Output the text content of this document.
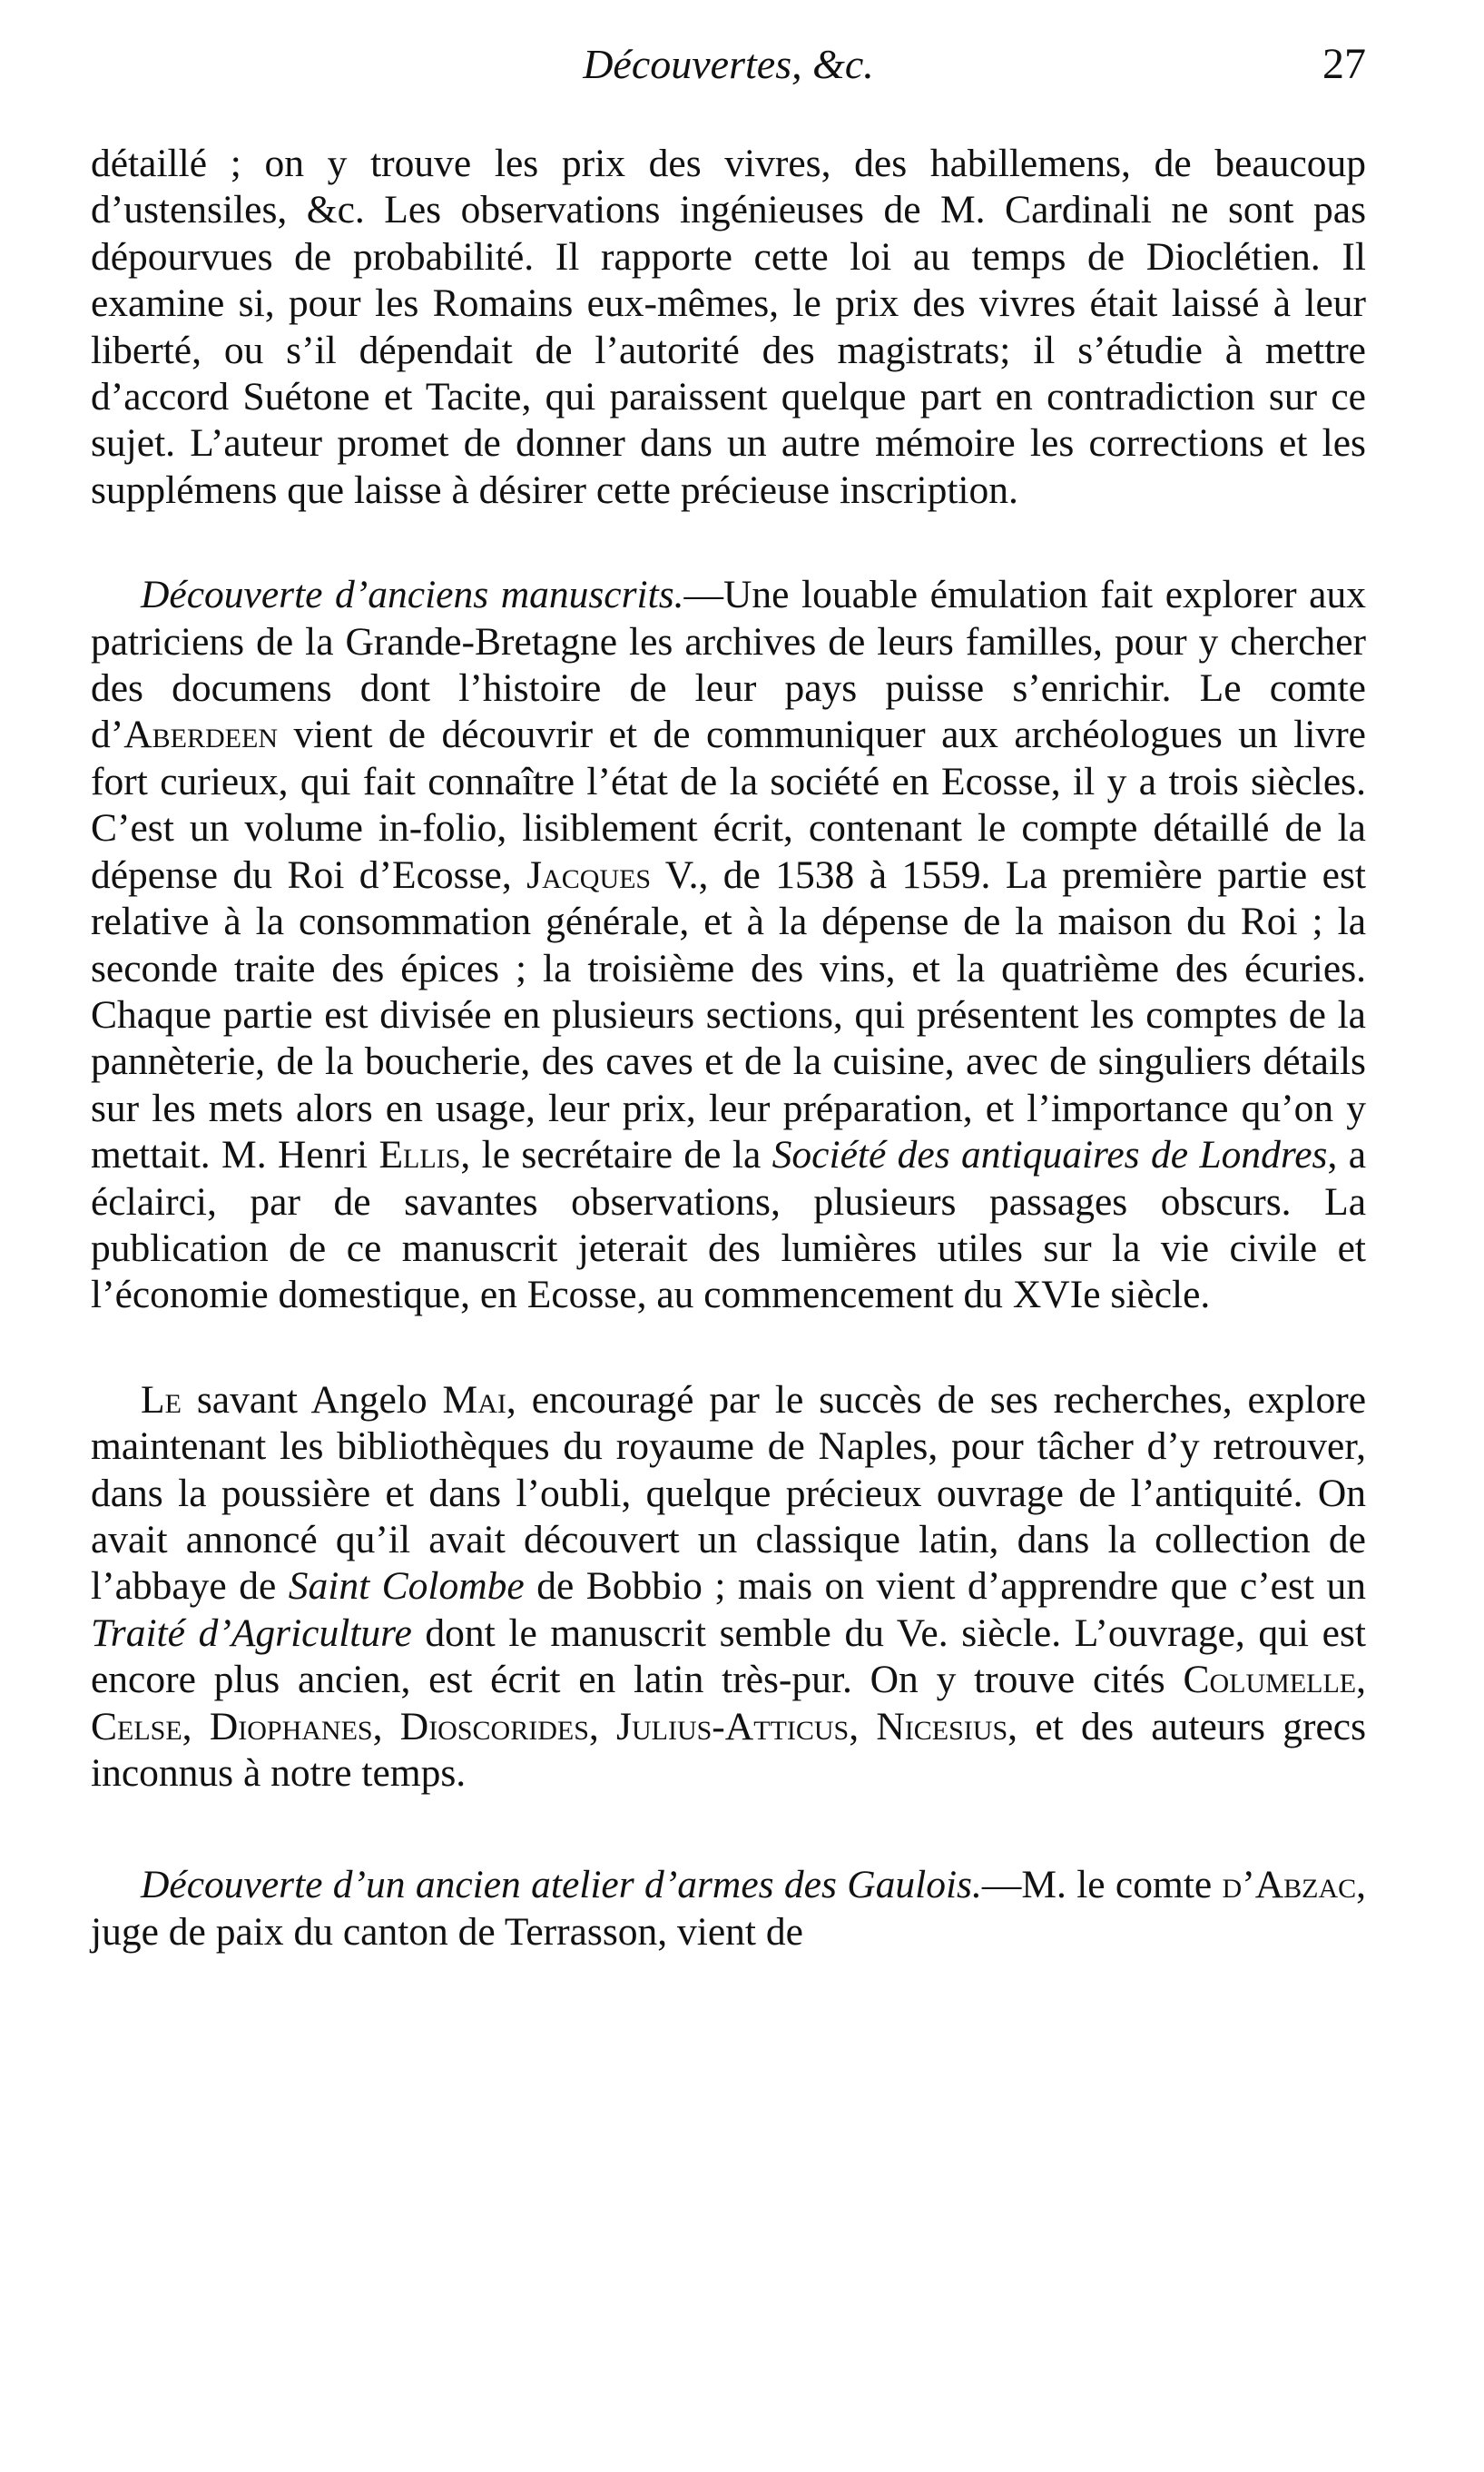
Découvertes, &c.	27

détaillé ; on y trouve les prix des vivres, des habillemens, de beaucoup d’ustensiles, &c. Les observations ingénieuses de M. Cardinali ne sont pas dépourvues de probabilité. Il rapporte cette loi au temps de Dioclétien. Il examine si, pour les Romains eux-mêmes, le prix des vivres était laissé à leur liberté, ou s’il dépendait de l’autorité des magistrats; il s’étudie à mettre d’accord Suétone et Tacite, qui paraissent quelque part en contradiction sur ce sujet. L’auteur promet de donner dans un autre mémoire les corrections et les supplémens que laisse à désirer cette précieuse inscription.

Découverte d’anciens manuscrits.—Une louable émulation fait explorer aux patriciens de la Grande-Bretagne les archives de leurs familles, pour y chercher des documens dont l’histoire de leur pays puisse s’enrichir. Le comte d’Aberdeen vient de découvrir et de communiquer aux archéologues un livre fort curieux, qui fait connaître l’état de la société en Ecosse, il y a trois siècles. C’est un volume in-folio, lisiblement écrit, contenant le compte détaillé de la dépense du Roi d’Ecosse, Jacques V., de 1538 à 1559. La première partie est relative à la consommation générale, et à la dépense de la maison du Roi ; la seconde traite des épices ; la troisième des vins, et la quatrième des écuries. Chaque partie est divisée en plusieurs sections, qui présentent les comptes de la pannèterie, de la boucherie, des caves et de la cuisine, avec de singuliers détails sur les mets alors en usage, leur prix, leur préparation, et l’importance qu’on y mettait. M. Henri Ellis, le secrétaire de la Société des antiquaires de Londres, a éclairci, par de savantes observations, plusieurs passages obscurs. La publication de ce manuscrit jeterait des lumières utiles sur la vie civile et l’économie domestique, en Ecosse, au commencement du XVIe siècle.

Le savant Angelo Mai, encouragé par le succès de ses recherches, explore maintenant les bibliothèques du royaume de Naples, pour tâcher d’y retrouver, dans la poussière et dans l’oubli, quelque précieux ouvrage de l’antiquité. On avait annoncé qu’il avait découvert un classique latin, dans la collection de l’abbaye de Saint Colombe de Bobbio ; mais on vient d’apprendre que c’est un Traité d’Agriculture dont le manuscrit semble du Ve. siècle. L’ouvrage, qui est encore plus ancien, est écrit en latin très-pur. On y trouve cités Columelle, Celse, Diophanes, Dioscorides, Julius-Atticus, Nicesius, et des auteurs grecs inconnus à notre temps.

Découverte d’un ancien atelier d’armes des Gaulois.—M. le comte d’Abzac, juge de paix du canton de Terrasson, vient de
